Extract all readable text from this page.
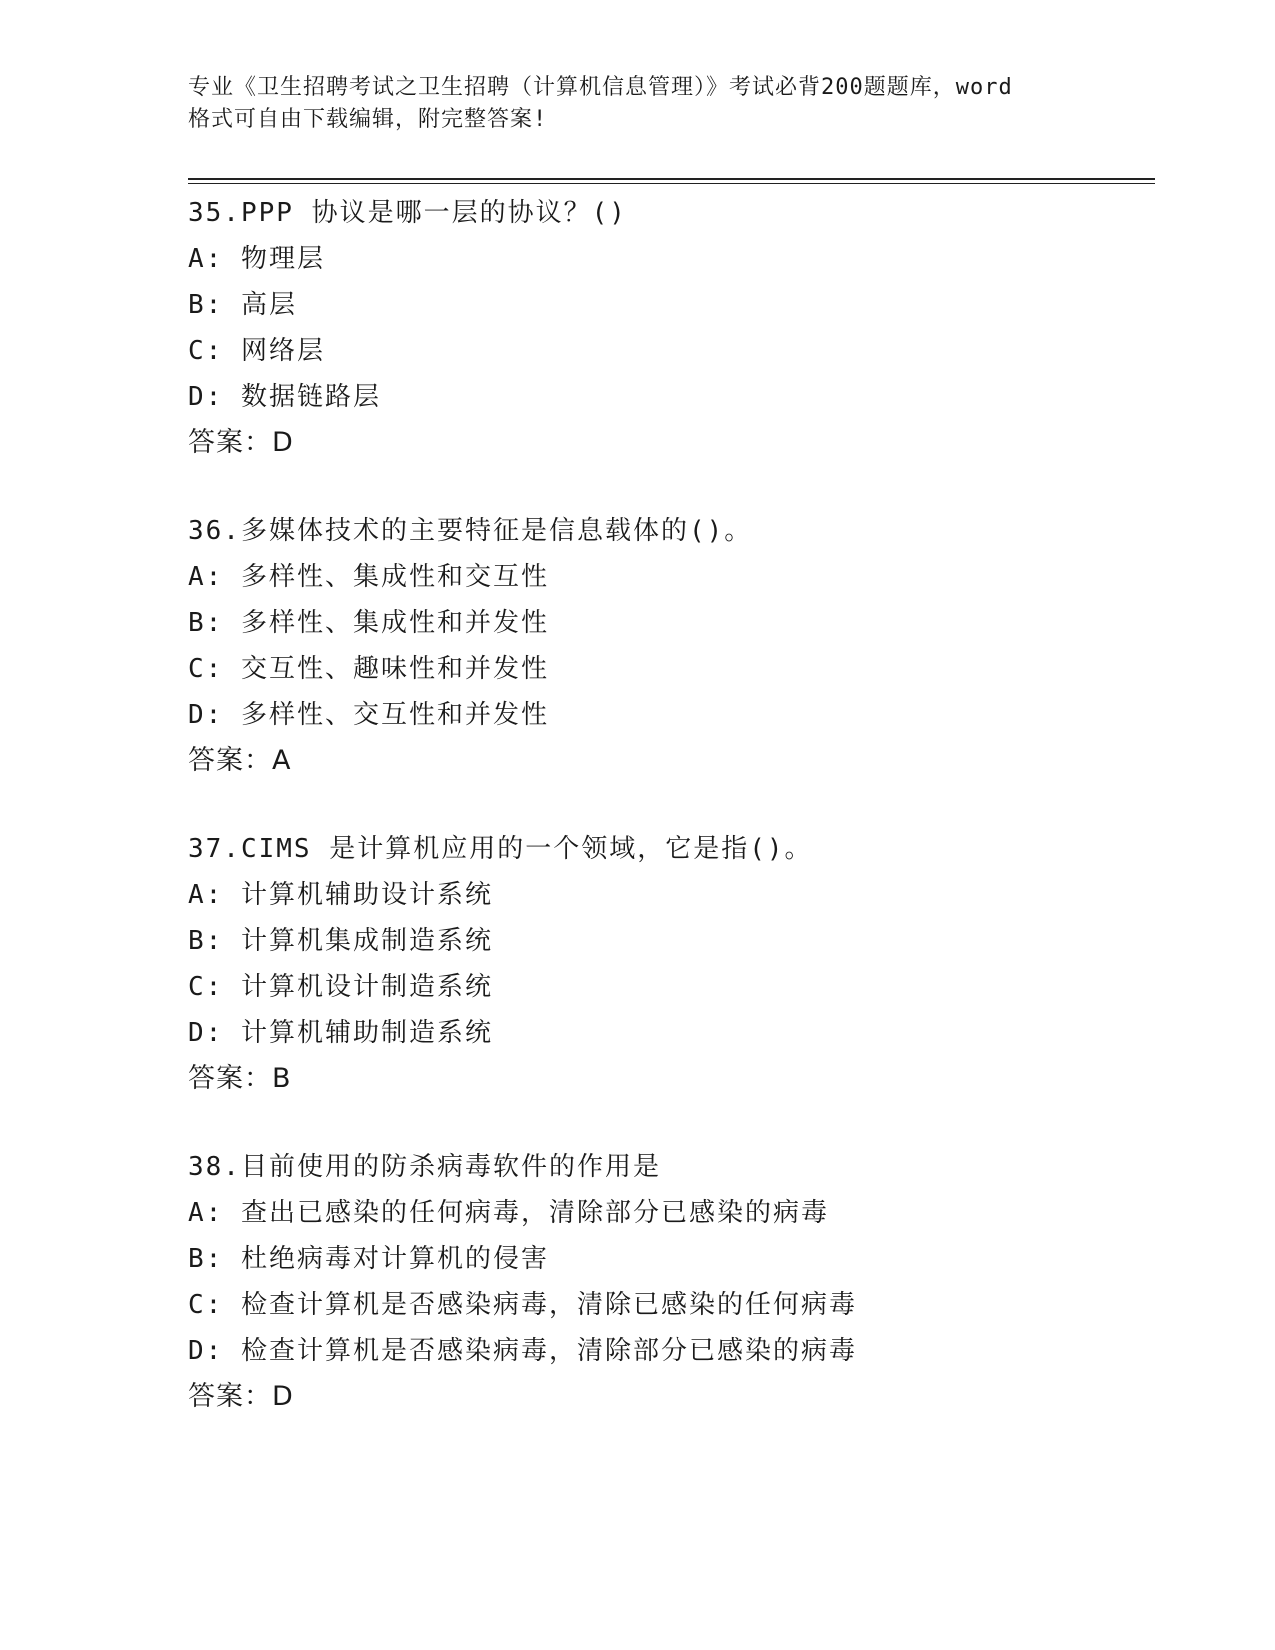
专业《卫生招聘考试之卫生招聘（计算机信息管理）》考试必背200题题库，word
格式可自由下载编辑，附完整答案!
35.PPP 协议是哪一层的协议？()
A: 物理层
B: 高层
C: 网络层
D: 数据链路层
答案：D
36.多媒体技术的主要特征是信息载体的()。
A: 多样性、集成性和交互性
B: 多样性、集成性和并发性
C: 交互性、趣味性和并发性
D: 多样性、交互性和并发性
答案：A
37.CIMS 是计算机应用的一个领域，它是指()。
A: 计算机辅助设计系统
B: 计算机集成制造系统
C: 计算机设计制造系统
D: 计算机辅助制造系统
答案：B
38.目前使用的防杀病毒软件的作用是
A: 查出已感染的任何病毒，清除部分已感染的病毒
B: 杜绝病毒对计算机的侵害
C: 检查计算机是否感染病毒，清除已感染的任何病毒
D: 检查计算机是否感染病毒，清除部分已感染的病毒
答案：D
